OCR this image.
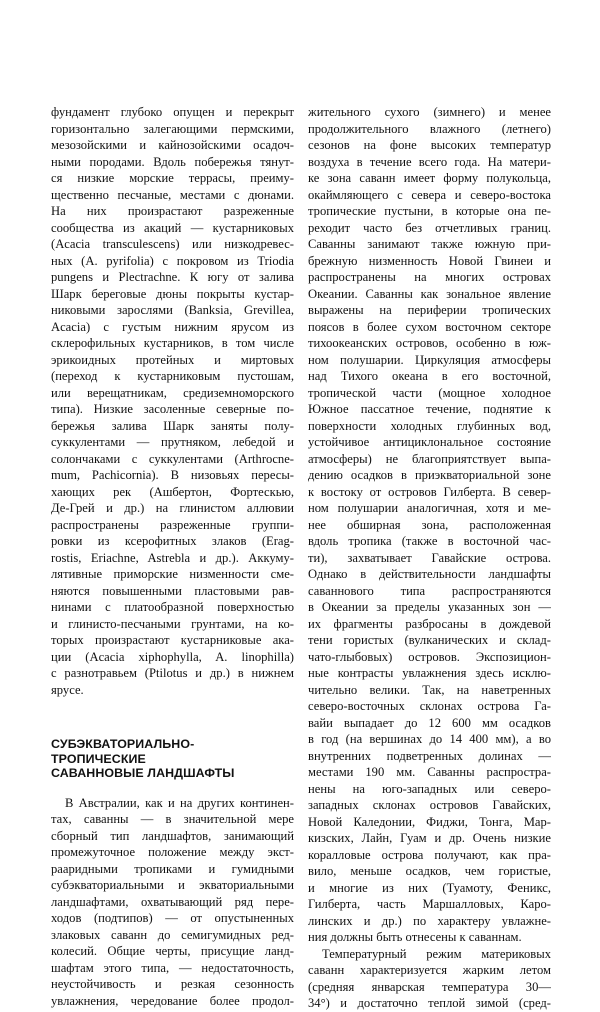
фундамент глубоко опущен и перекрыт
горизонтально залегающими пермскими,
мезозойскими и кайнозойскими осадоч-
ными породами. Вдоль побережья тянут-
ся низкие морские террасы, преиму-
щественно песчаные, местами с дюнами.
На них произрастают разреженные
сообщества из акаций — кустарниковых
(Acacia transculescens) или низкодревес-
ных (A. pyrifolia) с покровом из Triodia
pungens и Plectrachne. К югу от залива
Шарк береговые дюны покрыты кустар-
никовыми зарослями (Banksia, Grevillea,
Acacia) с густым нижним ярусом из
склерофильных кустарников, в том числе
эрикоидных протейных и миртовых
(переход к кустарниковым пустошам,
или верещатникам, средиземноморского
типа). Низкие засоленные северные по-
бережья залива Шарк заняты полу-
суккулентами — прутняком, лебедой и
солончаками с суккулентами (Arthrocne-
mum, Pachicornia). В низовьях пересы-
хающих рек (Ашбертон, Фортескью,
Де-Грей и др.) на глинистом аллювии
распространены разреженные группи-
ровки из ксерофитных злаков (Erag-
rostis, Eriachne, Astrebla и др.). Аккуму-
лятивные приморские низменности сме-
няются повышенными пластовыми рав-
нинами с платообразной поверхностью
и глинисто-песчаными грунтами, на ко-
торых произрастают кустарниковые ака-
ции (Acacia xiphophylla, A. linophilla)
с разнотравьем (Ptilotus и др.) в нижнем
ярусе.
СУБЭКВАТОРИАЛЬНО-
ТРОПИЧЕСКИЕ
САВАННОВЫЕ ЛАНДШАФТЫ
В Австралии, как и на других континен-
тах, саванны — в значительной мере
сборный тип ландшафтов, занимающий
промежуточное положение между экст-
рааридными тропиками и гумидными
субэкваториальными и экваториальными
ландшафтами, охватывающий ряд пере-
ходов (подтипов) — от опустыненных
злаковых саванн до семигумидных ред-
колесий. Общие черты, присущие ланд-
шафтам этого типа, — недостаточность,
неустойчивость и резкая сезонность
увлажнения, чередование более продол-
жительного сухого (зимнего) и менее
продолжительного влажного (летнего)
сезонов на фоне высоких температур
воздуха в течение всего года. На матери-
ке зона саванн имеет форму полукольца,
окаймляющего с севера и северо-востока
тропические пустыни, в которые она пе-
реходит часто без отчетливых границ.
Саванны занимают также южную при-
брежную низменность Новой Гвинеи и
распространены на многих островах
Океании. Саванны как зональное явление
выражены на периферии тропических
поясов в более сухом восточном секторе
тихоокеанских островов, особенно в юж-
ном полушарии. Циркуляция атмосферы
над Тихого океана в его восточной,
тропической части (мощное холодное
Южное пассатное течение, поднятие к
поверхности холодных глубинных вод,
устойчивое антициклональное состояние
атмосферы) не благоприятствует выпа-
дению осадков в приэкваториальной зоне
к востоку от островов Гилберта. В север-
ном полушарии аналогичная, хотя и ме-
нее обширная зона, расположенная
вдоль тропика (также в восточной час-
ти), захватывает Гавайские острова.
Однако в действительности ландшафты
саваннового типа распространяются
в Океании за пределы указанных зон —
их фрагменты разбросаны в дождевой
тени гористых (вулканических и склад-
чато-глыбовых) островов. Экспозицион-
ные контрасты увлажнения здесь исклю-
чительно велики. Так, на наветренных
северо-восточных склонах острова Га-
вайи выпадает до 12 600 мм осадков
в год (на вершинах до 14 400 мм), а во
внутренних подветренных долинах —
местами 190 мм. Саванны распростра-
нены на юго-западных или северо-
западных склонах островов Гавайских,
Новой Каледонии, Фиджи, Тонга, Мар-
кизских, Лайн, Гуам и др. Очень низкие
коралловые острова получают, как пра-
вило, меньше осадков, чем гористые,
и многие из них (Туамоту, Феникс,
Гилберта, часть Маршалловых, Каро-
линских и др.) по характеру увлажне-
ния должны быть отнесены к саваннам.
Температурный режим материковых
саванн характеризуется жарким летом
(средняя январская температура 30—
34°) и достаточно теплой зимой (сред-
